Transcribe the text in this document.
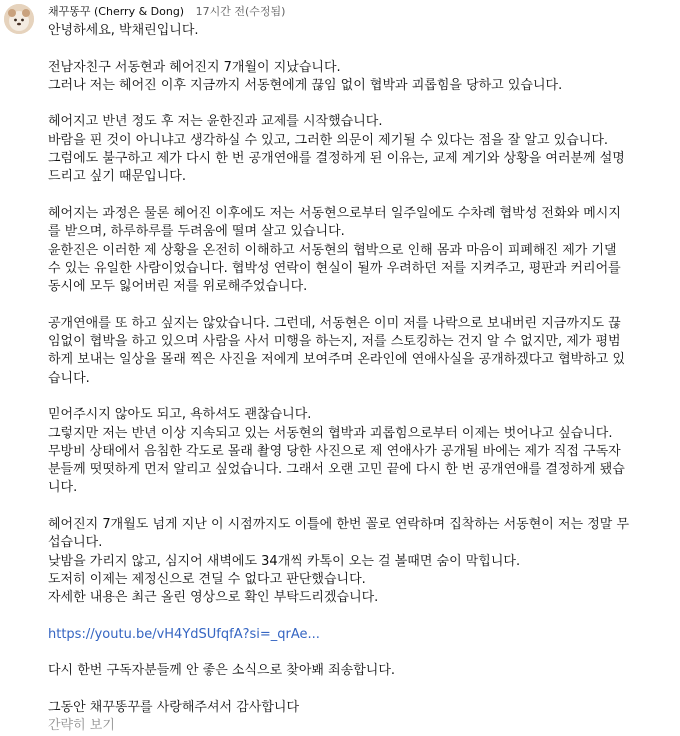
채꾸똥꾸 (Cherry & Dong) 17시간 전(수정됨)
안녕하세요, 박채린입니다.
전남자친구 서동현과 헤어진지 7개월이 지났습니다.
그러나 저는 헤어진 이후 지금까지 서동현에게 끊임 없이 협박과 괴롭힘을 당하고 있습니다.
헤어지고 반년 정도 후 저는 윤한진과 교제를 시작했습니다.
바람을 핀 것이 아니냐고 생각하실 수 있고, 그러한 의문이 제기될 수 있다는 점을 잘 알고 있습니다.
그럼에도 불구하고 제가 다시 한 번 공개연애를 결정하게 된 이유는, 교제 계기와 상황을 여러분께 설명
드리고 싶기 때문입니다.
헤어지는 과정은 물론 헤어진 이후에도 저는 서동현으로부터 일주일에도 수차례 협박성 전화와 메시지
를 받으며, 하루하루를 두려움에 떨며 살고 있습니다.
윤한진은 이러한 제 상황을 온전히 이해하고 서동현의 협박으로 인해 몸과 마음이 피폐해진 제가 기댈
수 있는 유일한 사람이었습니다. 협박성 연락이 현실이 될까 우려하던 저를 지켜주고, 평판과 커리어를
동시에 모두 잃어버린 저를 위로해주었습니다.
공개연애를 또 하고 싶지는 않았습니다. 그런데, 서동현은 이미 저를 나락으로 보내버린 지금까지도 끊
임없이 협박을 하고 있으며 사람을 사서 미행을 하는지, 저를 스토킹하는 건지 알 수 없지만, 제가 평범
하게 보내는 일상을 몰래 찍은 사진을 저에게 보여주며 온라인에 연애사실을 공개하겠다고 협박하고 있
습니다.
믿어주시지 않아도 되고, 욕하셔도 괜찮습니다.
그렇지만 저는 반년 이상 지속되고 있는 서동현의 협박과 괴롭힘으로부터 이제는 벗어나고 싶습니다.
무방비 상태에서 음침한 각도로 몰래 촬영 당한 사진으로 제 연애사가 공개될 바에는 제가 직접 구독자
분들께 떳떳하게 먼저 알리고 싶었습니다. 그래서 오랜 고민 끝에 다시 한 번 공개연애를 결정하게 됐습
니다.
헤어진지 7개월도 넘게 지난 이 시점까지도 이틀에 한번 꼴로 연락하며 집착하는 서동현이 저는 정말 무
섭습니다.
낮밤을 가리지 않고, 심지어 새벽에도 34개씩 카톡이 오는 걸 볼때면 숨이 막힙니다.
도저히 이제는 제정신으로 견딜 수 없다고 판단했습니다.
자세한 내용은 최근 올린 영상으로 확인 부탁드리겠습니다.
https://youtu.be/vH4YdSUfqfA?si=_qrAe...
다시 한번 구독자분들께 안 좋은 소식으로 찾아봬 죄송합니다.
그동안 채꾸똥꾸를 사랑해주셔서 감사합니다
간략히 보기
